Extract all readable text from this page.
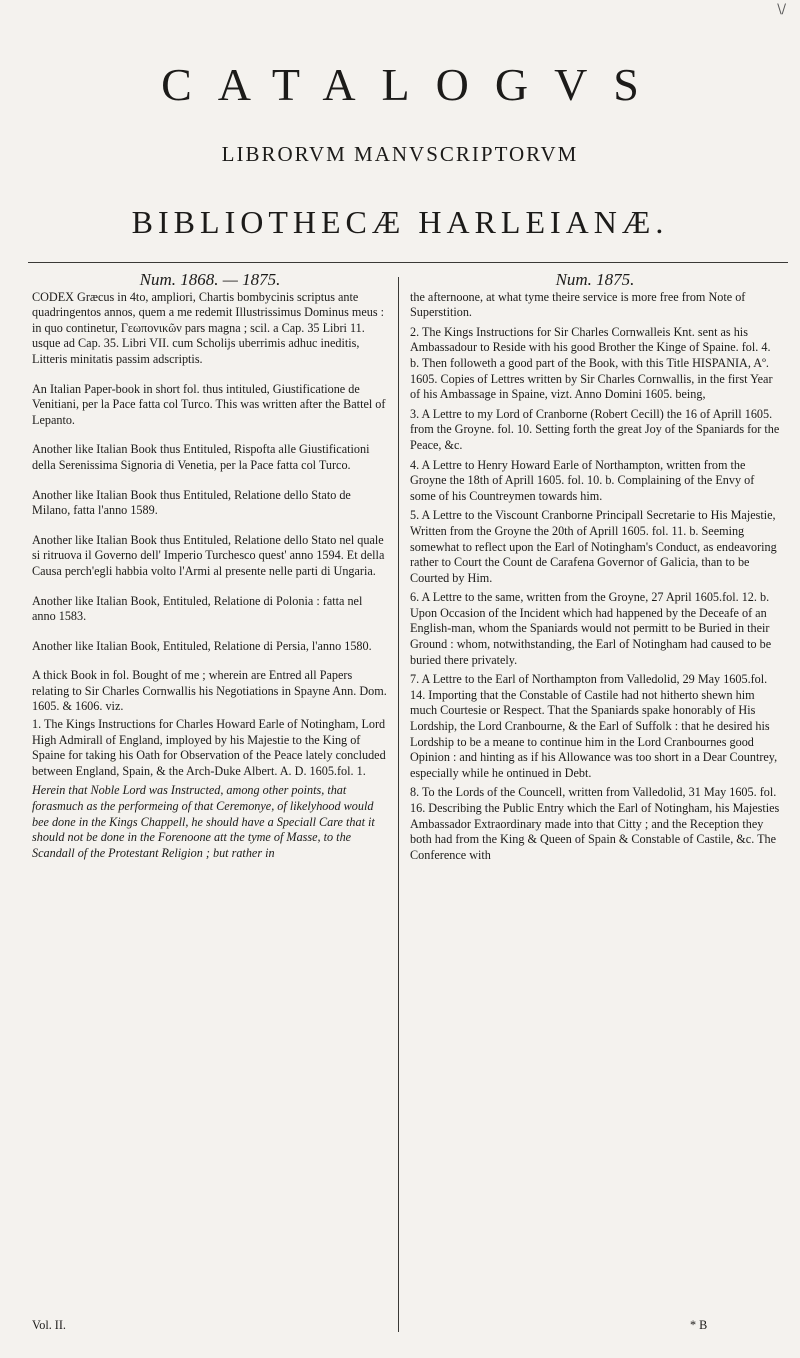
\/
CATALOGVS
LIBRORVM MANVSCRIPTORVM
BIBLIOTHECÆ HARLEIANÆ.
Num. 1868. — 1875.
CODEX Græcus in 4to, ampliori, Chartis bombycinis scriptus ante quadringentos annos, quem a me redemit Illustrissimus Dominus meus : in quo continetur, Γεωπονικῶν pars magna ; scil. a Cap. 35 Libri 11. usque ad Cap. 35. Libri VII. cum Scholijs uberrimis adhuc ineditis, Litteris minitatis passim adscriptis.
An Italian Paper-book in short fol. thus intituled, Giustificatione de Venitiani, per la Pace fatta col Turco. This was written after the Battel of Lepanto.
Another like Italian Book thus Entituled, Rispofta alle Giustificationi della Serenissima Signoria di Venetia, per la Pace fatta col Turco.
Another like Italian Book thus Entituled, Relatione dello Stato de Milano, fatta l'anno 1589.
Another like Italian Book thus Entituled, Relatione dello Stato nel quale si ritruova il Governo dell' Imperio Turchesco quest' anno 1594. Et della Causa perch'egli habbia volto l'Armi al presente nelle parti di Ungaria.
Another like Italian Book, Entituled, Relatione di Polonia : fatta nel anno 1583.
Another like Italian Book, Entituled, Relatione di Persia, l'anno 1580.
A thick Book in fol. Bought of me ; wherein are Entred all Papers relating to Sir Charles Cornwallis his Negotiations in Spayne Ann. Dom. 1605. & 1606. viz.
1. The Kings Instructions for Charles Howard Earle of Notingham, Lord High Admirall of England, imployed by his Majestie to the King of Spaine for taking his Oath for Observation of the Peace lately concluded between England, Spain, & the Arch-Duke Albert. A. D. 1605.fol. 1.
Herein that Noble Lord was Instructed, among other points, that forasmuch as the performeing of that Ceremonye, of likelyhood would bee done in the Kings Chappell, he should have a Speciall Care that it should not be done in the Forenoone att the tyme of Masse, to the Scandall of the Protestant Religion ; but rather in
Num. 1875.
the afternoone, at what tyme theire service is more free from Note of Superstition.
2. The Kings Instructions for Sir Charles Cornwalleis Knt. sent as his Ambassadour to Reside with his good Brother the Kinge of Spaine. fol. 4. b. Then followeth a good part of the Book, with this Title HISPANIA, Aº. 1605. Copies of Lettres written by Sir Charles Cornwallis, in the first Year of his Ambassage in Spaine, vizt. Anno Domini 1605. being,
3. A Lettre to my Lord of Cranborne (Robert Cecill) the 16 of Aprill 1605. from the Groyne. fol. 10. Setting forth the great Joy of the Spaniards for the Peace, &c.
4. A Lettre to Henry Howard Earle of Northampton, written from the Groyne the 18th of Aprill 1605. fol. 10. b. Complaining of the Envy of some of his Countreymen towards him.
5. A Lettre to the Viscount Cranborne Principall Secretarie to His Majestie, Written from the Groyne the 20th of Aprill 1605. fol. 11. b. Seeming somewhat to reflect upon the Earl of Notingham's Conduct, as endeavoring rather to Court the Count de Carafena Governor of Galicia, than to be Courted by Him.
6. A Lettre to the same, written from the Groyne, 27 April 1605.fol. 12. b. Upon Occasion of the Incident which had happened by the Deceafe of an English-man, whom the Spaniards would not permitt to be Buried in their Ground : whom, notwithstanding, the Earl of Notingham had caused to be buried there privately.
7. A Lettre to the Earl of Northampton from Valledolid, 29 May 1605.fol. 14. Importing that the Constable of Castile had not hitherto shewn him much Courtesie or Respect. That the Spaniards spake honorably of His Lordship, the Lord Cranbourne, & the Earl of Suffolk : that he desired his Lordship to be a meane to continue him in the Lord Cranbournes good Opinion : and hinting as if his Allowance was too short in a Dear Countrey, especially while he ontinued in Debt.
8. To the Lords of the Councell, written from Valledolid, 31 May 1605. fol. 16. Describing the Public Entry which the Earl of Notingham, his Majesties Ambassador Extraordinary made into that Citty ; and the Reception they both had from the King & Queen of Spain & Constable of Castile, &c. The Conference with
Vol. II.	* B
